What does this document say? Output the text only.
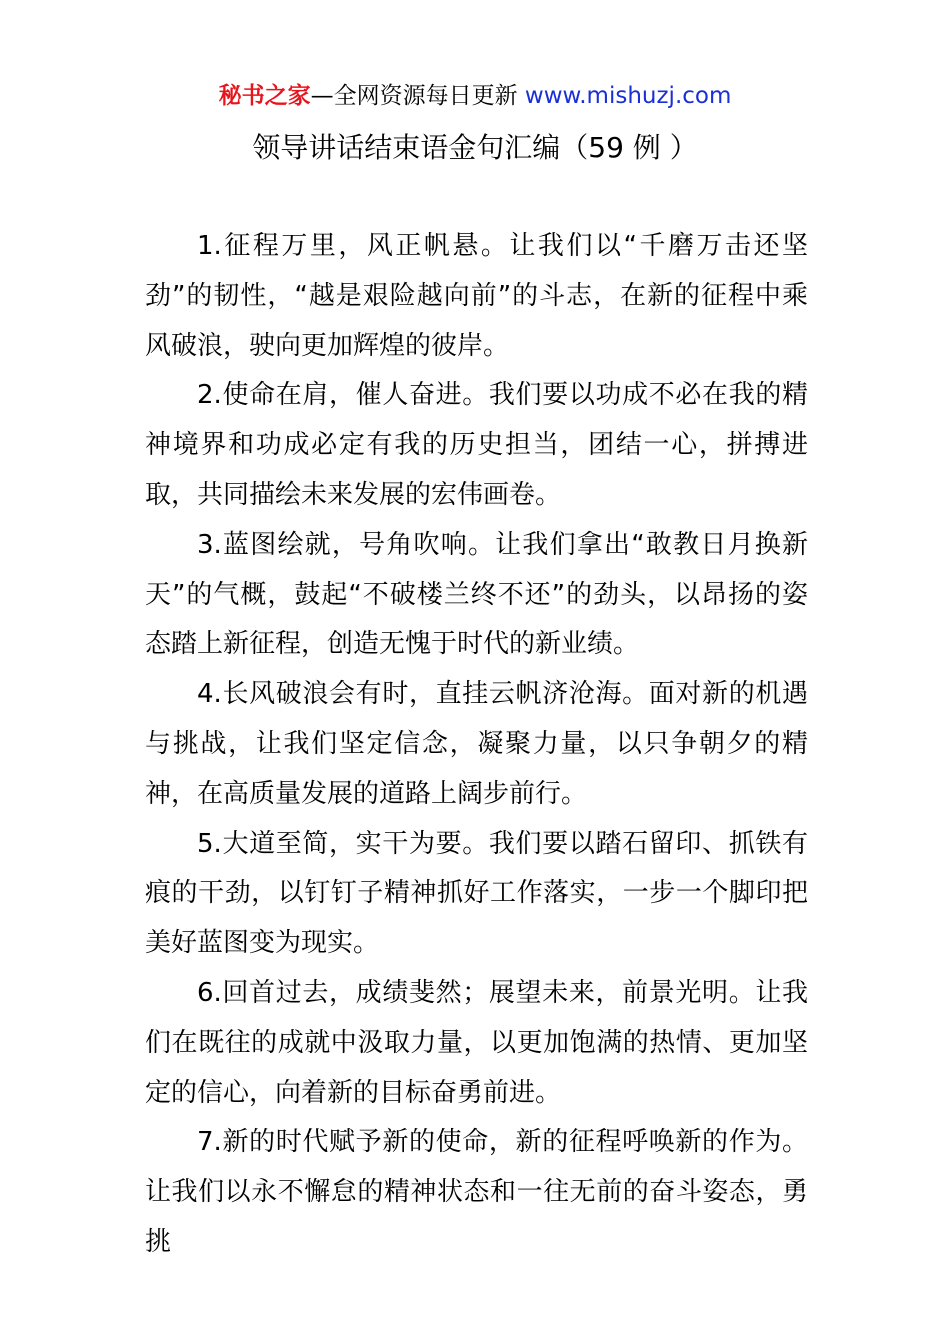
秘书之家—全网资源每日更新 www.mishuzj.com
领导讲话结束语金句汇编（59 例 ）

1.征程万里，风正帆悬。让我们以“千磨万击还坚劲”的韧性，“越是艰险越向前”的斗志，在新的征程中乘风破浪，驶向更加辉煌的彼岸。

2.使命在肩，催人奋进。我们要以功成不必在我的精神境界和功成必定有我的历史担当，团结一心，拼搏进取，共同描绘未来发展的宏伟画卷。

3.蓝图绘就，号角吹响。让我们拿出“敢教日月换新天”的气概，鼓起“不破楼兰终不还”的劲头，以昂扬的姿态踏上新征程，创造无愧于时代的新业绩。

4.长风破浪会有时，直挂云帆济沧海。面对新的机遇与挑战，让我们坚定信念，凝聚力量，以只争朝夕的精神，在高质量发展的道路上阔步前行。

5.大道至简，实干为要。我们要以踏石留印、抓铁有痕的干劲，以钉钉子精神抓好工作落实，一步一个脚印把美好蓝图变为现实。

6.回首过去，成绩斐然；展望未来，前景光明。让我们在既往的成就中汲取力量，以更加饱满的热情、更加坚定的信心，向着新的目标奋勇前进。

7.新的时代赋予新的使命，新的征程呼唤新的作为。让我们以永不懈怠的精神状态和一往无前的奋斗姿态，勇挑
